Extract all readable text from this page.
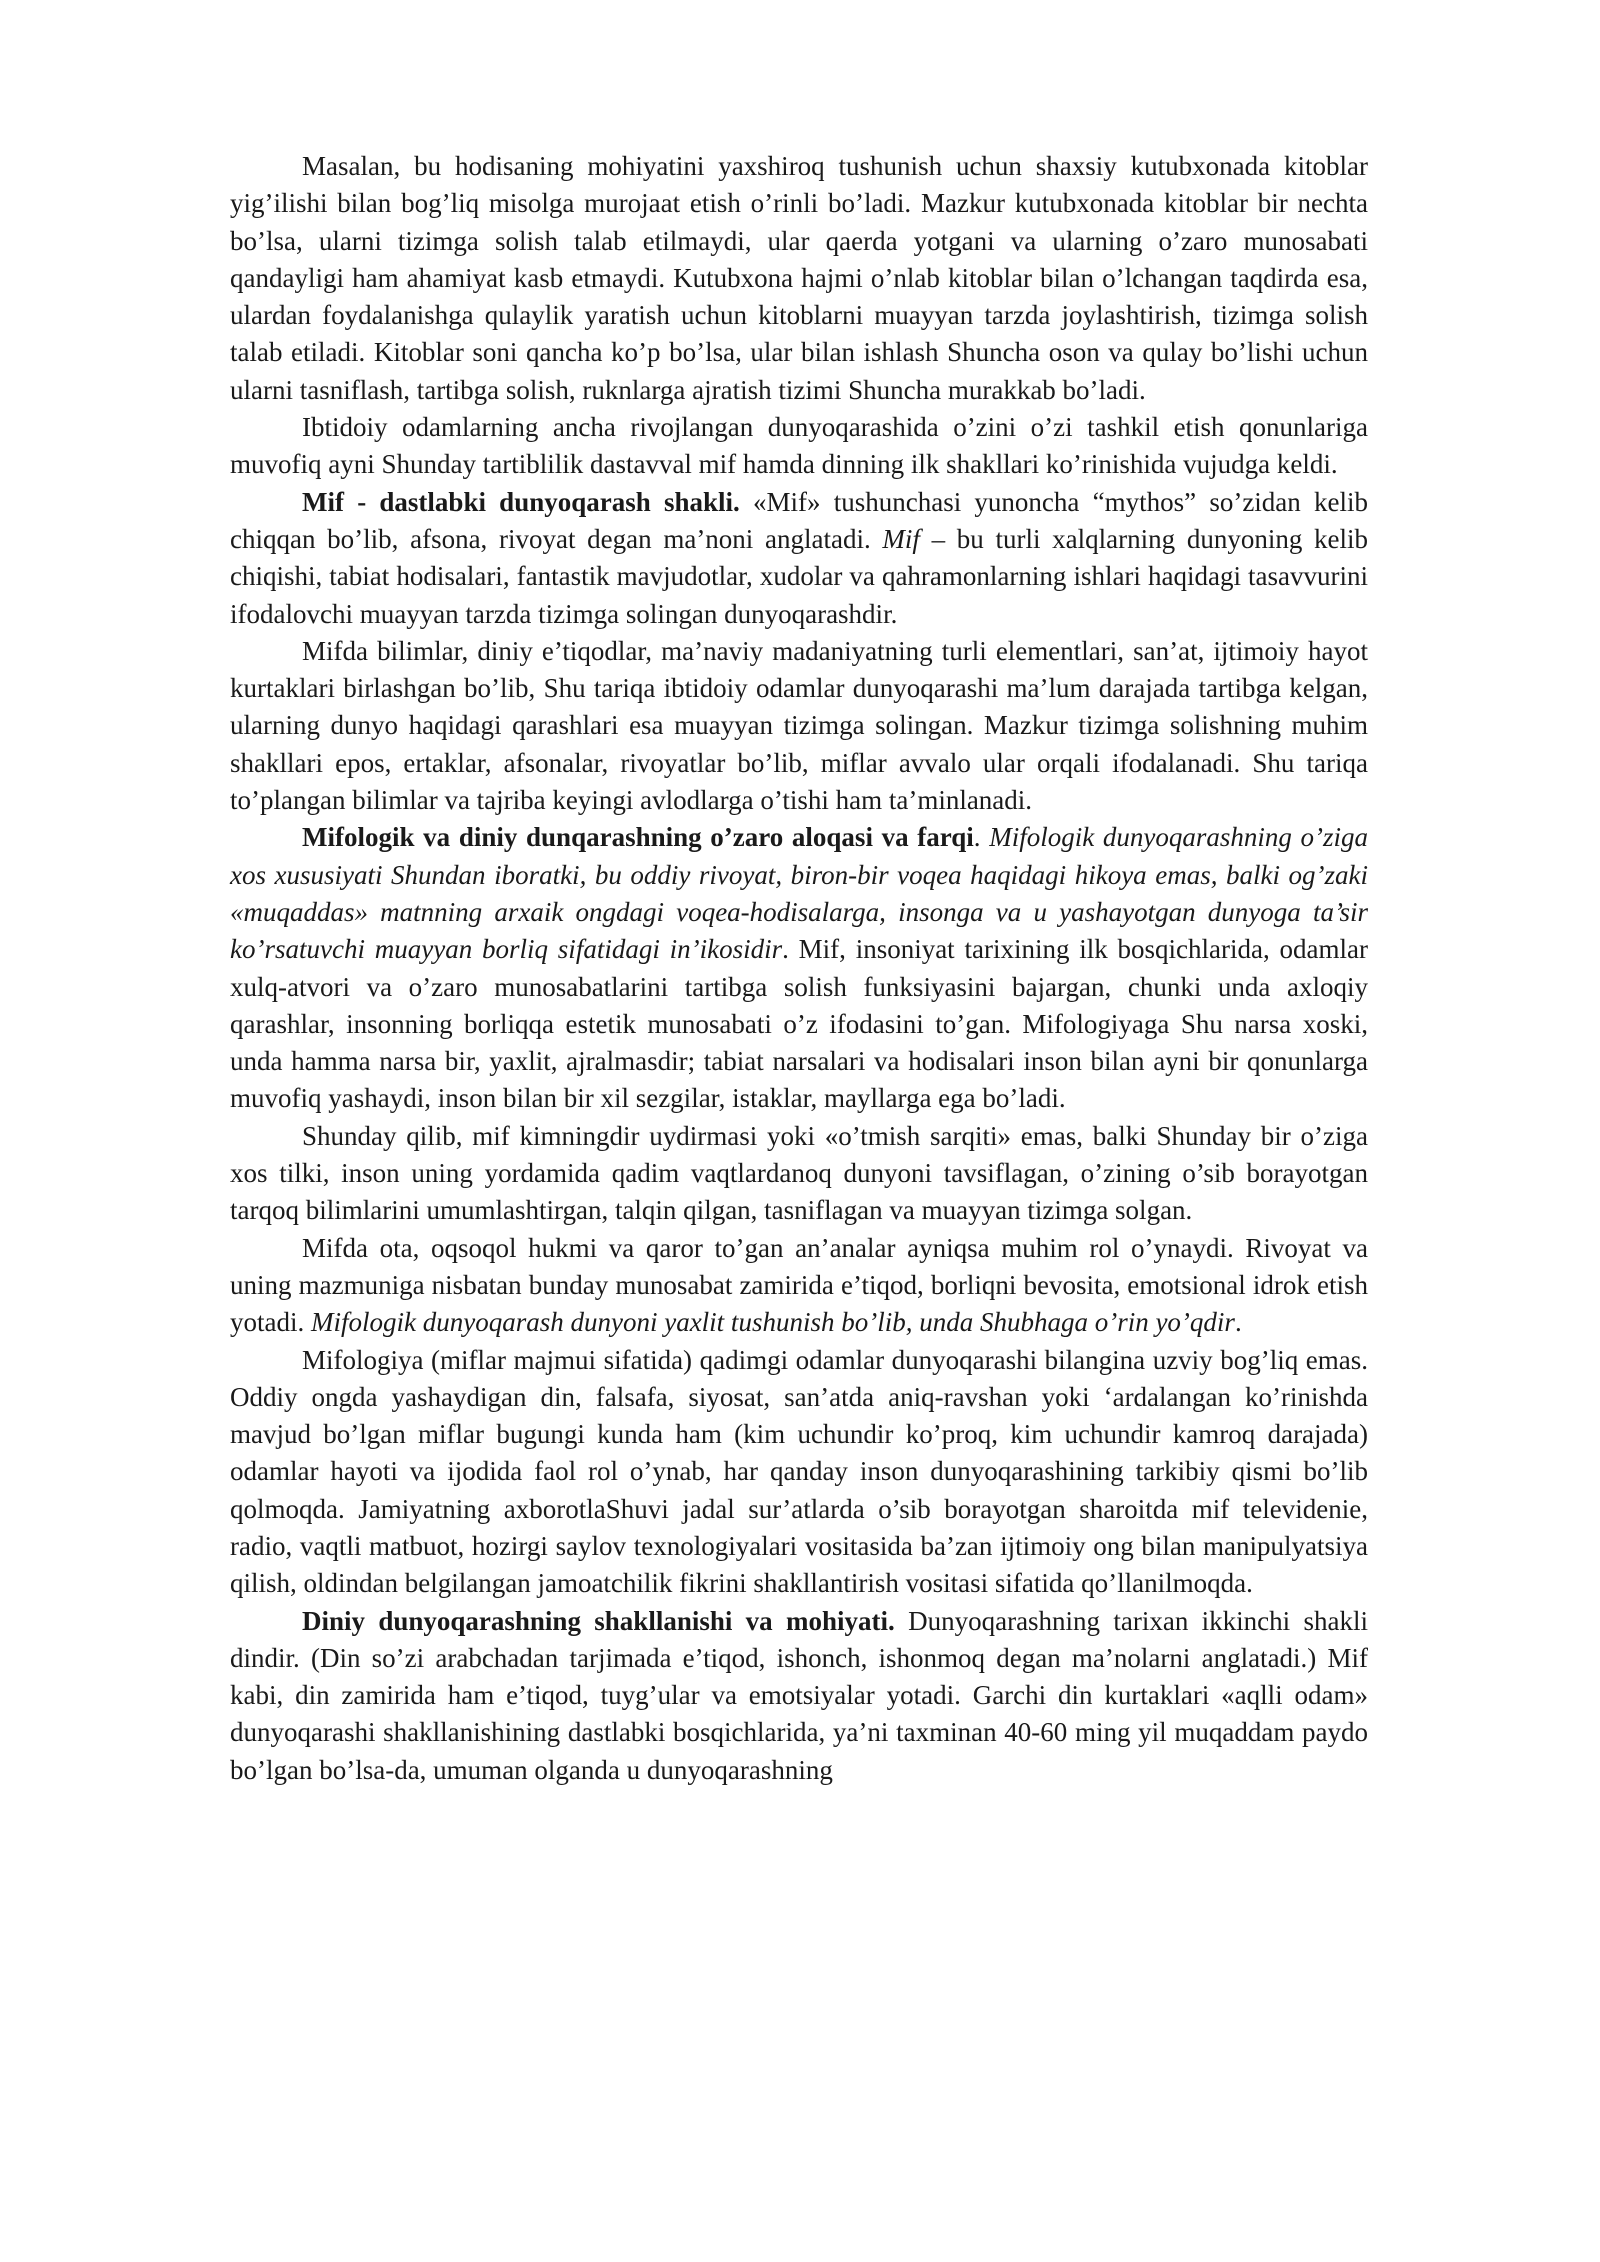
Masalan, bu hodisaning mohiyatini yaxshiroq tushunish uchun shaxsiy kutubxonada kitoblar yig’ilishi bilan bog’liq misolga murojaat etish o’rinli bo’ladi. Mazkur kutubxonada kitoblar bir nechta bo’lsa, ularni tizimga solish talab etilmaydi, ular qaerda yotgani va ularning o’zaro munosabati qandayligi ham ahamiyat kasb etmaydi. Kutubxona hajmi o’nlab kitoblar bilan o’lchangan taqdirda esa, ulardan foydalanishga qulaylik yaratish uchun kitoblarni muayyan tarzda joylashtirish, tizimga solish talab etiladi. Kitoblar soni qancha ko’p bo’lsa, ular bilan ishlash Shuncha oson va qulay bo’lishi uchun ularni tasniflash, tartibga solish, ruknlarga ajratish tizimi Shuncha murakkab bo’ladi.

Ibtidoiy odamlarning ancha rivojlangan dunyoqarashida o’zini o’zi tashkil etish qonunlariga muvofiq ayni Shunday tartiblilik dastavval mif hamda dinning ilk shakllari ko’rinishida vujudga keldi.

Mif - dastlabki dunyoqarash shakli. «Mif» tushunchasi yunoncha “mythos” so’zidan kelib chiqqan bo’lib, afsona, rivoyat degan ma’noni anglatadi. Mif – bu turli xalqlarning dunyoning kelib chiqishi, tabiat hodisalari, fantastik mavjudotlar, xudolar va qahramonlarning ishlari haqidagi tasavvurini ifodalovchi muayyan tarzda tizimga solingan dunyoqarashdir.

Mifda bilimlar, diniy e’tiqodlar, ma’naviy madaniyatning turli elementlari, san’at, ijtimoiy hayot kurtaklari birlashgan bo’lib, Shu tariqa ibtidoiy odamlar dunyoqarashi ma’lum darajada tartibga kelgan, ularning dunyo haqidagi qarashlari esa muayyan tizimga solingan. Mazkur tizimga solishning muhim shakllari epos, ertaklar, afsonalar, rivoyatlar bo’lib, miflar avvalo ular orqali ifodalanadi. Shu tariqa to’plangan bilimlar va tajriba keyingi avlodlarga o’tishi ham ta’minlanadi.

Mifologik va diniy dunqarashning o’zaro aloqasi va farqi. Mifologik dunyoqarashning o’ziga xos xususiyati Shundan iboratki, bu oddiy rivoyat, biron-bir voqea haqidagi hikoya emas, balki og’zaki «muqaddas» matnning arxaik ongdagi voqea-hodisalarga, insonga va u yashayotgan dunyoga ta’sir ko’rsatuvchi muayyan borliq sifatidagi in’ikosidir. Mif, insoniyat tarixining ilk bosqichlarida, odamlar xulq-atvori va o’zaro munosabatlarini tartibga solish funksiyasini bajargan, chunki unda axloqiy qarashlar, insonning borliqqa estetik munosabati o’z ifodasini to’gan. Mifologiyaga Shu narsa xoski, unda hamma narsa bir, yaxlit, ajralmasdir; tabiat narsalari va hodisalari inson bilan ayni bir qonunlarga muvofiq yashaydi, inson bilan bir xil sezgilar, istaklar, mayllarga ega bo’ladi.

Shunday qilib, mif kimningdir uydirmasi yoki «o’tmish sarqiti» emas, balki Shunday bir o’ziga xos tilki, inson uning yordamida qadim vaqtlardanoq dunyoni tavsiflagan, o’zining o’sib borayotgan tarqoq bilimlarini umumlashtirgan, talqin qilgan, tasniflagan va muayyan tizimga solgan.

Mifda ota, oqsoqol hukmi va qaror to’gan an’analar ayniqsa muhim rol o’ynaydi. Rivoyat va uning mazmuniga nisbatan bunday munosabat zamirida e’tiqod, borliqni bevosita, emotsional idrok etish yotadi. Mifologik dunyoqarash dunyoni yaxlit tushunish bo’lib, unda Shubhaga o’rin yo’qdir.

Mifologiya (miflar majmui sifatida) qadimgi odamlar dunyoqarashi bilangina uzviy bog’liq emas. Oddiy ongda yashaydigan din, falsafa, siyosat, san’atda aniq-ravshan yoki ‘ardalangan ko’rinishda mavjud bo’lgan miflar bugungi kunda ham (kim uchundir ko’proq, kim uchundir kamroq darajada) odamlar hayoti va ijodida faol rol o’ynab, har qanday inson dunyoqarashining tarkibiy qismi bo’lib qolmoqda. Jamiyatning axborotlaShuvi jadal sur’atlarda o’sib borayotgan sharoitda mif televidenie, radio, vaqtli matbuot, hozirgi saylov texnologiyalari vositasida ba’zan ijtimoiy ong bilan manipulyatsiya qilish, oldindan belgilangan jamoatchilik fikrini shakllantirish vositasi sifatida qo’llanilmoqda.

Diniy dunyoqarashning shakllanishi va mohiyati. Dunyoqarashning tarixan ikkinchi shakli dindir. (Din so’zi arabchadan tarjimada e’tiqod, ishonch, ishonmoq degan ma’nolarni anglatadi.) Mif kabi, din zamirida ham e’tiqod, tuyg’ular va emotsiyalar yotadi. Garchi din kurtaklari «aqlli odam» dunyoqarashi shakllanishining dastlabki bosqichlarida, ya’ni taxminan 40-60 ming yil muqaddam paydo bo’lgan bo’lsa-da, umuman olganda u dunyoqarashning
